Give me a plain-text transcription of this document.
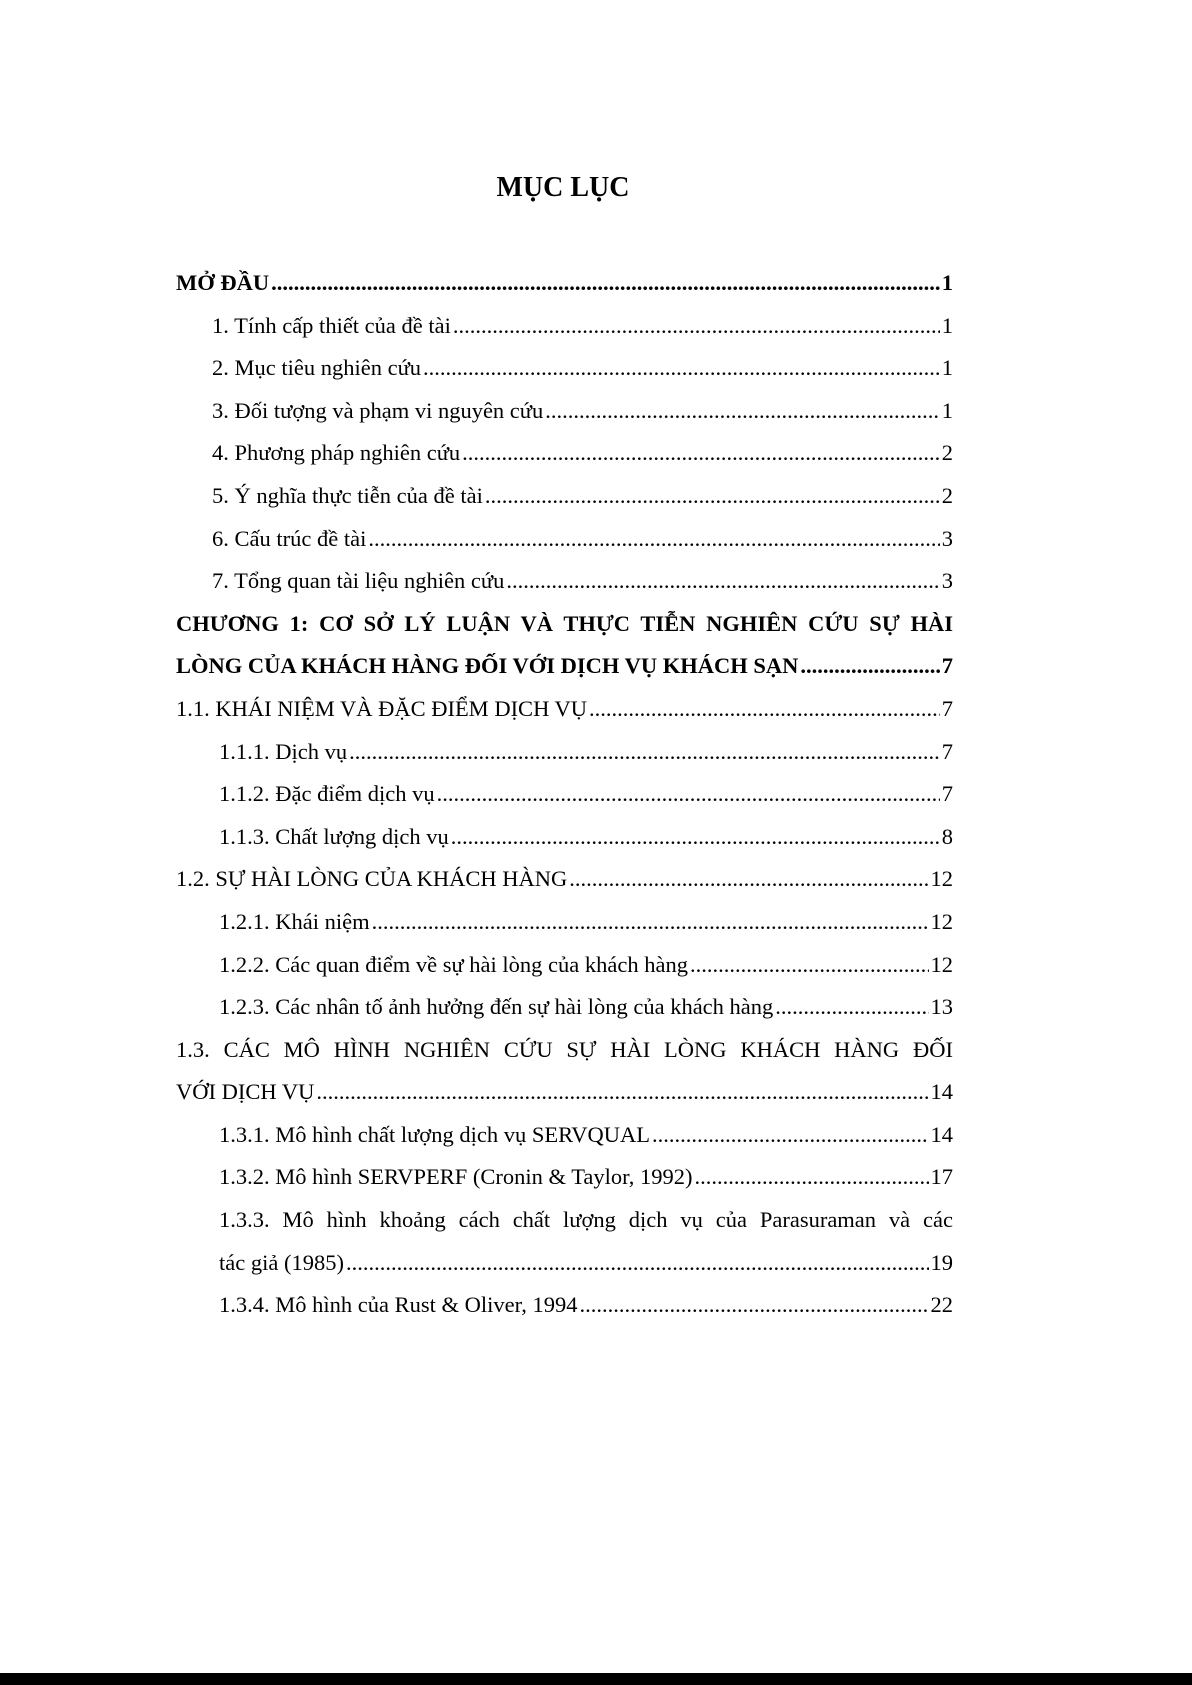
MỤC LỤC
MỞ ĐẦU .....	1
1. Tính cấp thiết của đề tài .....	1
2. Mục tiêu nghiên cứu .....	1
3. Đối tượng và phạm vi nguyên cứu .....	1
4. Phương pháp nghiên cứu .....	2
5. Ý nghĩa thực tiễn của đề tài .....	2
6. Cấu trúc đề tài .....	3
7. Tổng quan tài liệu nghiên cứu .....	3
CHƯƠNG 1: CƠ SỞ LÝ LUẬN VÀ THỰC TIỄN NGHIÊN CỨU SỰ HÀI
LÒNG CỦA KHÁCH HÀNG ĐỐI VỚI DỊCH VỤ KHÁCH SẠN .....	7
1.1. KHÁI NIỆM VÀ ĐẶC ĐIỂM DỊCH VỤ .....	7
1.1.1. Dịch vụ .....	7
1.1.2. Đặc điểm dịch vụ .....	7
1.1.3. Chất lượng dịch vụ .....	8
1.2. SỰ HÀI LÒNG CỦA KHÁCH HÀNG .....	12
1.2.1. Khái niệm .....	12
1.2.2. Các quan điểm về sự hài lòng của khách hàng .....	12
1.2.3. Các nhân tố ảnh hưởng đến sự hài lòng của khách hàng .....	13
1.3. CÁC MÔ HÌNH NGHIÊN CỨU SỰ HÀI LÒNG KHÁCH HÀNG ĐỐI
VỚI DỊCH VỤ .....	14
1.3.1. Mô hình chất lượng dịch vụ SERVQUAL .....	14
1.3.2. Mô hình SERVPERF (Cronin & Taylor, 1992) .....	17
1.3.3. Mô hình khoảng cách chất lượng dịch vụ của Parasuraman và các
tác giả (1985) .....	19
1.3.4. Mô hình của Rust & Oliver, 1994 .....	22
